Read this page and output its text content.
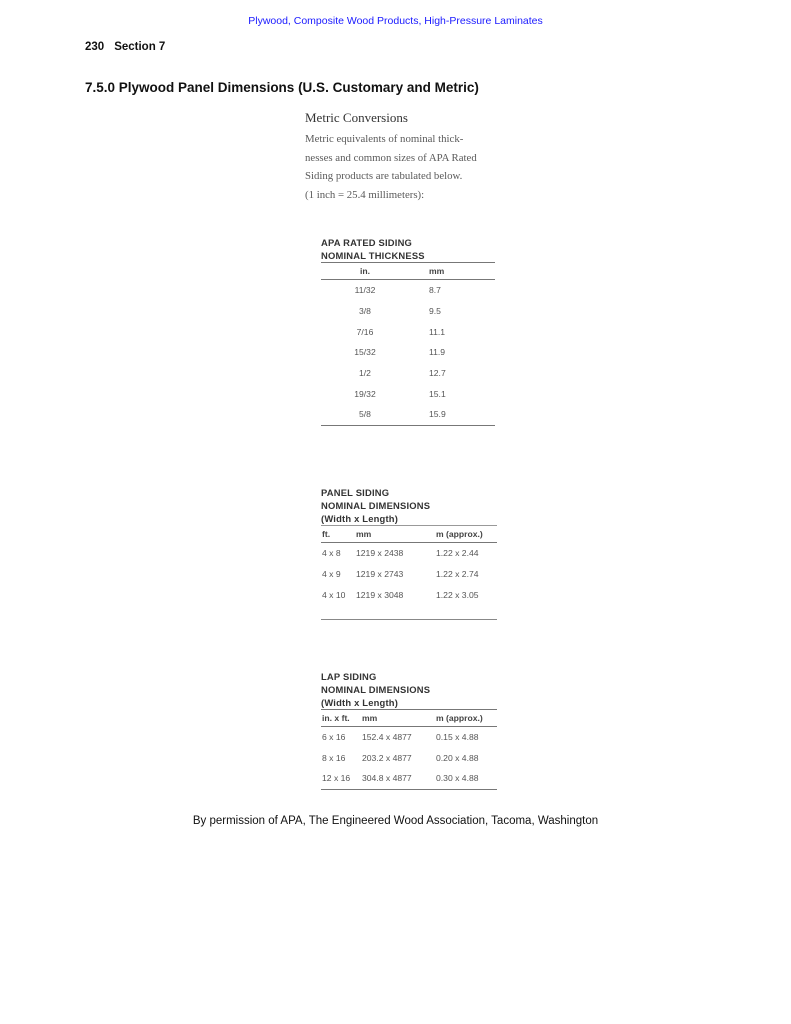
Plywood, Composite Wood Products, High-Pressure Laminates
230 Section 7
7.5.0 Plywood Panel Dimensions (U.S. Customary and Metric)

Metric Conversions

Metric equivalents of nominal thick-

nesses and common sizes of APA Rated

Siding products are tabulated below.

(1 inch = 25.4 millimeters):

APA RATED SIDING
NOMINAL THICKNESS
in.	mm
11/32	8.7
3/8	9.5
7/16	11.1
15/32	11.9
1/2	12.7
19/32	15.1
5/8	15.9
PANEL SIDING
NOMINAL DIMENSIONS
(Width x Length)
ft.	mm	m (approx.)
4 x 8	1219 x 2438	1.22 x 2.44
4 x 9	1219 x 2743	1.22 x 2.74
4 x 10	1219 x 3048	1.22 x 3.05

LAP SIDING
NOMINAL DIMENSIONS
(Width x Length)
in. x ft.	mm	m (approx.)
6 x 16	152.4 x 4877	0.15 x 4.88
8 x 16	203.2 x 4877	0.20 x 4.88
12 x 16	304.8 x 4877	0.30 x 4.88
By permission of APA, The Engineered Wood Association, Tacoma, Washington
